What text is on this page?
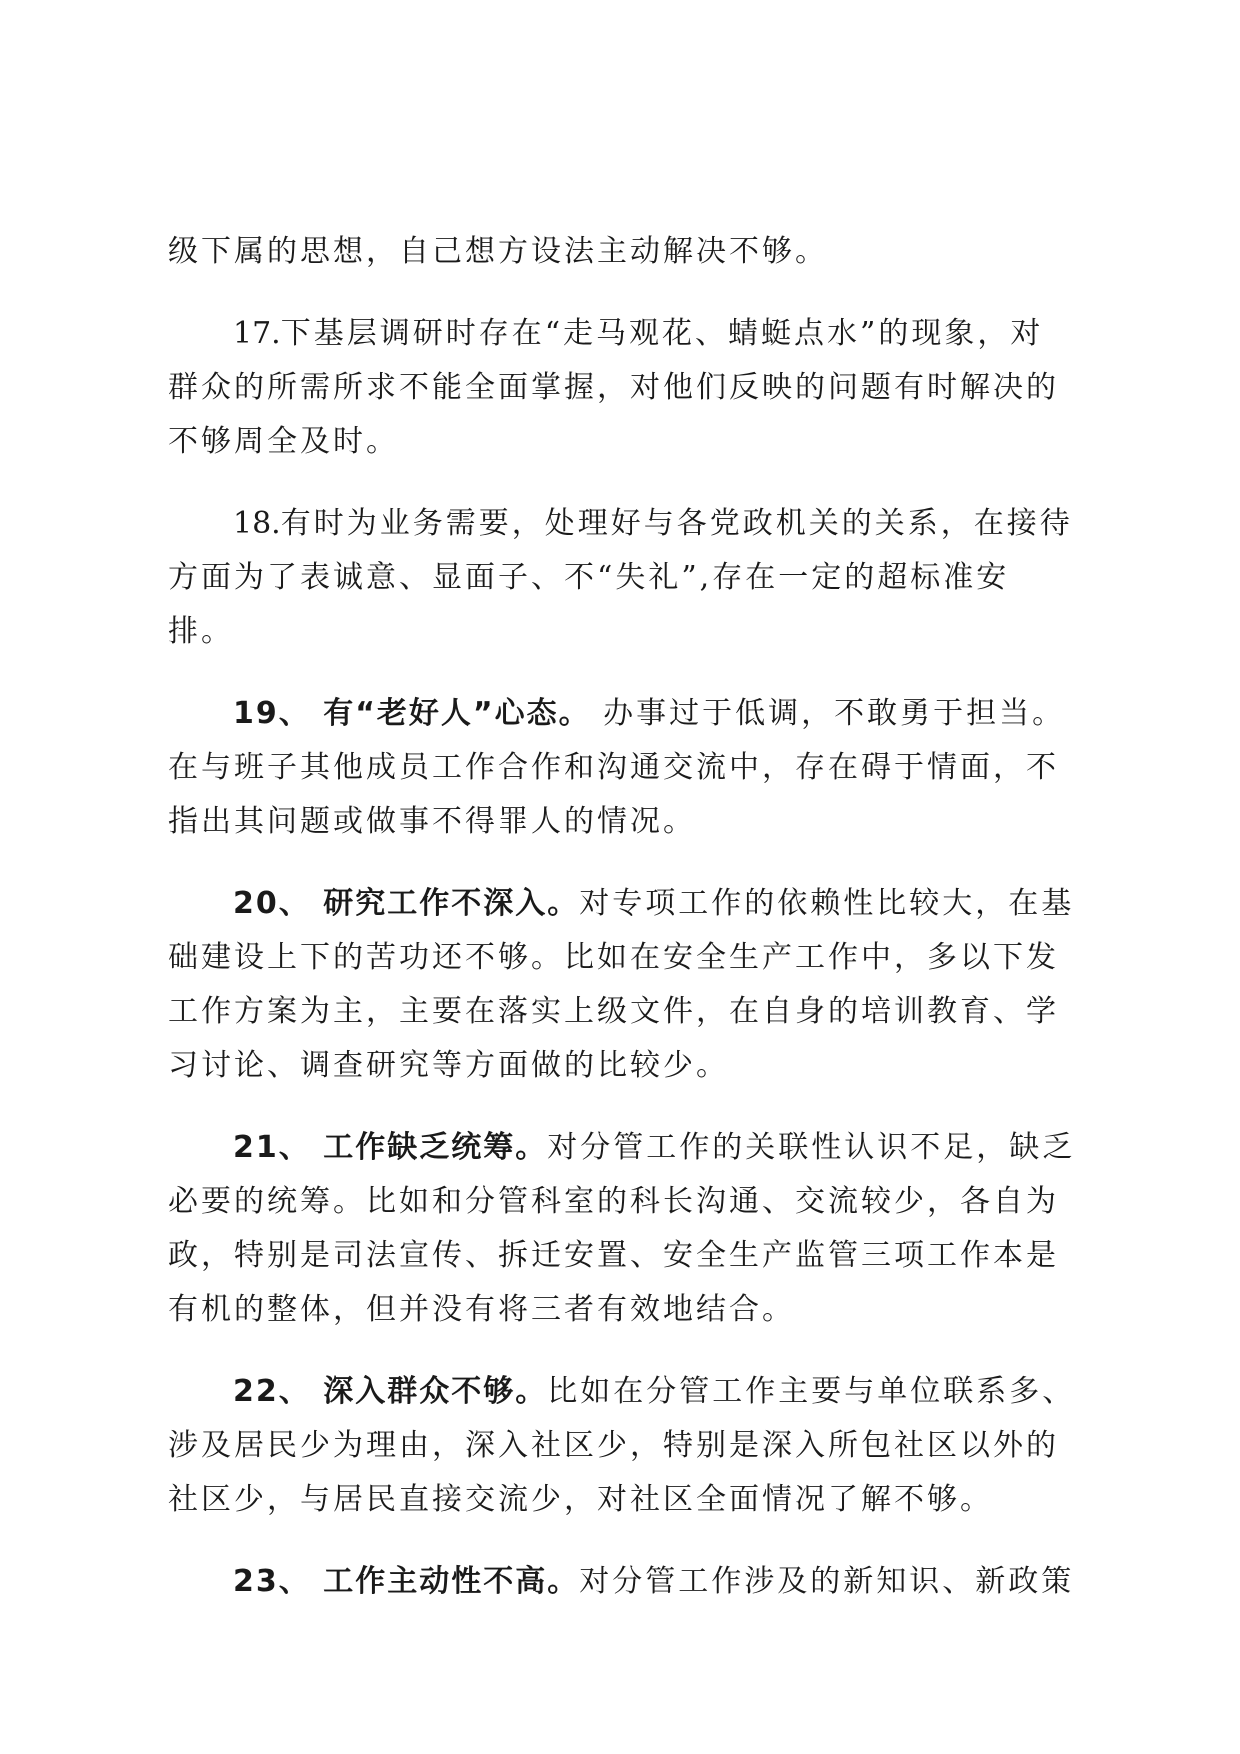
级下属的思想，自己想方设法主动解决不够。
17.下基层调研时存在“走马观花、蜻蜓点水”的现象，对
群众的所需所求不能全面掌握，对他们反映的问题有时解决的
不够周全及时。
18.有时为业务需要，处理好与各党政机关的关系，在接待
方面为了表诚意、显面子、不“失礼”,存在一定的超标准安
排。
19、 有“老好人”心态。 办事过于低调，不敢勇于担当。
在与班子其他成员工作合作和沟通交流中，存在碍于情面，不
指出其问题或做事不得罪人的情况。
20、 研究工作不深入。对专项工作的依赖性比较大，在基
础建设上下的苦功还不够。比如在安全生产工作中，多以下发
工作方案为主，主要在落实上级文件，在自身的培训教育、学
习讨论、调查研究等方面做的比较少。
21、 工作缺乏统筹。对分管工作的关联性认识不足，缺乏
必要的统筹。比如和分管科室的科长沟通、交流较少，各自为
政，特别是司法宣传、拆迁安置、安全生产监管三项工作本是
有机的整体，但并没有将三者有效地结合。
22、 深入群众不够。比如在分管工作主要与单位联系多、
涉及居民少为理由，深入社区少，特别是深入所包社区以外的
社区少，与居民直接交流少，对社区全面情况了解不够。
23、 工作主动性不高。对分管工作涉及的新知识、新政策
